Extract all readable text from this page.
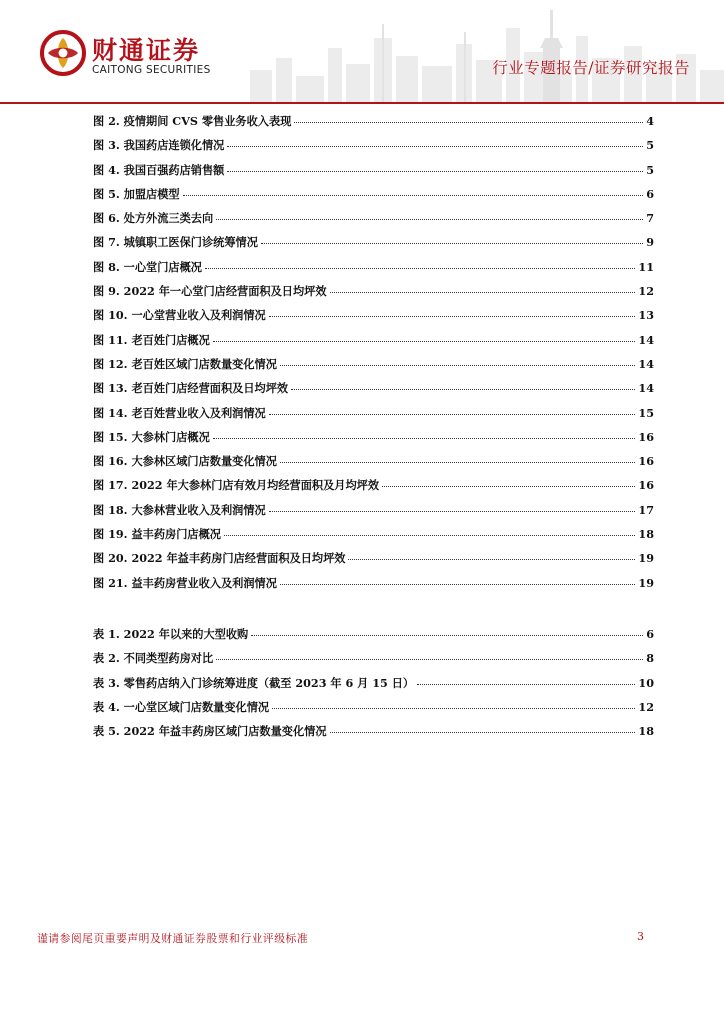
财通证券
CAITONG SECURITIES	行业专题报告/证券研究报告
图 2. 疫情期间 CVS 零售业务收入表现	4
图 3. 我国药店连锁化情况	5
图 4. 我国百强药店销售额	5
图 5. 加盟店模型	6
图 6. 处方外流三类去向	7
图 7. 城镇职工医保门诊统筹情况	9
图 8. 一心堂门店概况	11
图 9. 2022 年一心堂门店经营面积及日均坪效	12
图 10. 一心堂营业收入及利润情况	13
图 11. 老百姓门店概况	14
图 12. 老百姓区域门店数量变化情况	14
图 13. 老百姓门店经营面积及日均坪效	14
图 14. 老百姓营业收入及利润情况	15
图 15. 大参林门店概况	16
图 16. 大参林区域门店数量变化情况	16
图 17. 2022 年大参林门店有效月均经营面积及月均坪效	16
图 18. 大参林营业收入及利润情况	17
图 19. 益丰药房门店概况	18
图 20. 2022 年益丰药房门店经营面积及日均坪效	19
图 21. 益丰药房营业收入及利润情况	19
表 1. 2022 年以来的大型收购	6
表 2. 不同类型药房对比	8
表 3. 零售药店纳入门诊统筹进度（截至 2023 年 6 月 15 日）	10
表 4. 一心堂区域门店数量变化情况	12
表 5. 2022 年益丰药房区域门店数量变化情况	18
谨请参阅尾页重要声明及财通证券股票和行业评级标准	3
